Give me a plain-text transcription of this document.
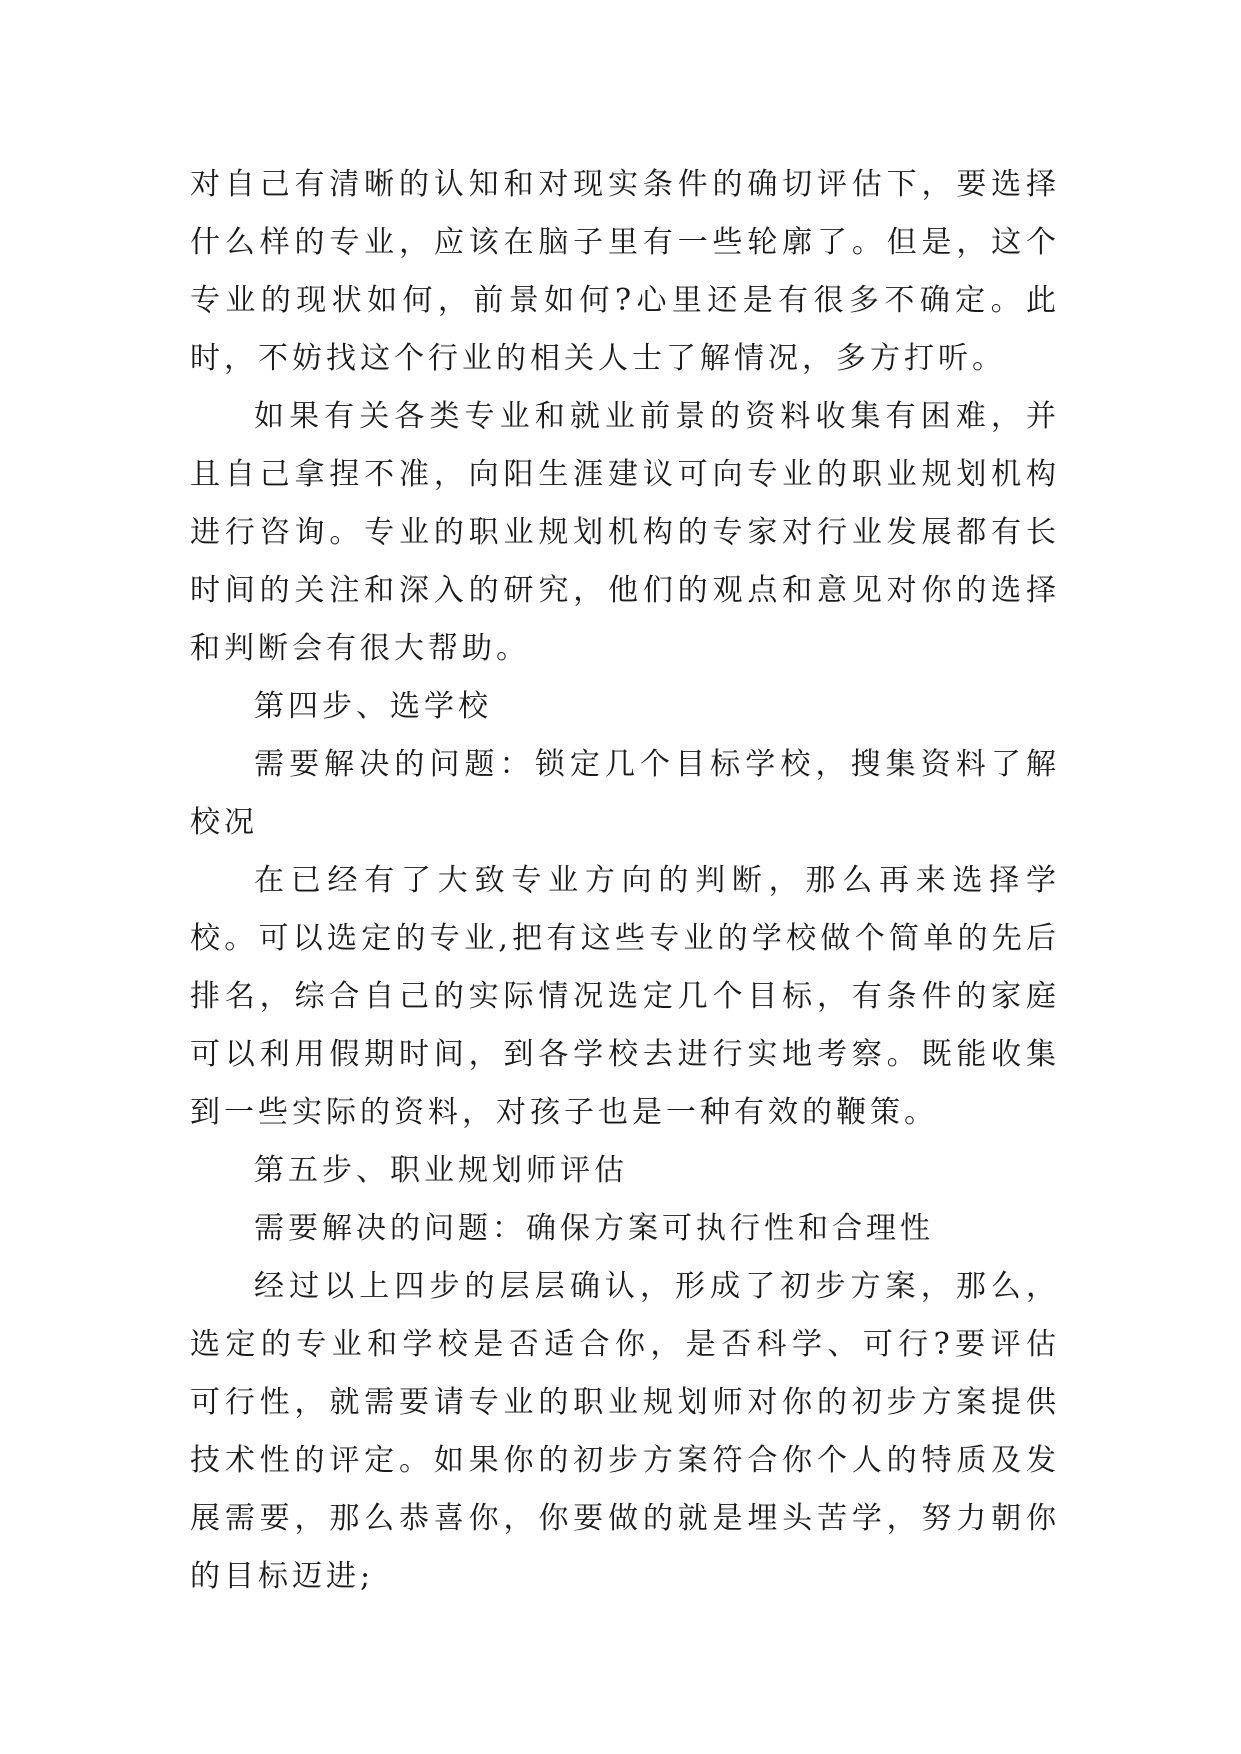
对自己有清晰的认知和对现实条件的确切评估下，要选择什么样的专业，应该在脑子里有一些轮廓了。但是，这个专业的现状如何，前景如何?心里还是有很多不确定。此时，不妨找这个行业的相关人士了解情况，多方打听。

如果有关各类专业和就业前景的资料收集有困难，并且自己拿捏不准，向阳生涯建议可向专业的职业规划机构进行咨询。专业的职业规划机构的专家对行业发展都有长时间的关注和深入的研究，他们的观点和意见对你的选择和判断会有很大帮助。

第四步、选学校

需要解决的问题：锁定几个目标学校，搜集资料了解校况

在已经有了大致专业方向的判断，那么再来选择学校。可以选定的专业,把有这些专业的学校做个简单的先后排名，综合自己的实际情况选定几个目标，有条件的家庭可以利用假期时间，到各学校去进行实地考察。既能收集到一些实际的资料，对孩子也是一种有效的鞭策。

第五步、职业规划师评估

需要解决的问题：确保方案可执行性和合理性

经过以上四步的层层确认，形成了初步方案，那么，选定的专业和学校是否适合你，是否科学、可行?要评估可行性，就需要请专业的职业规划师对你的初步方案提供技术性的评定。如果你的初步方案符合你个人的特质及发展需要，那么恭喜你，你要做的就是埋头苦学，努力朝你的目标迈进;
